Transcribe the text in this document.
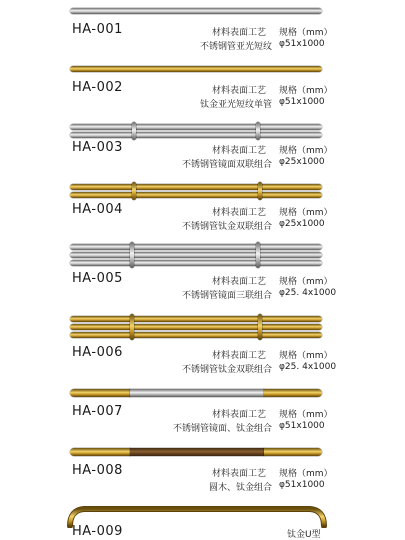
HA-001	材料表面工艺 规格（mm）
不锈钢管亚光短纹 φ51x1000
HA-002	材料表面工艺 规格（mm）
钛金亚光短纹单管 φ51x1000
HA-003	材料表面工艺 规格（mm）
不锈钢管镜面双联组合 φ25x1000
HA-004	材料表面工艺 规格（mm）
不锈钢管钛金双联组合 φ25x1000
HA-005	材料表面工艺 规格（mm）
不锈钢管镜面三联组合 φ25. 4x1000
HA-006	材料表面工艺 规格（mm）
不锈钢管钛金双联组合 φ25. 4x1000
HA-007	材料表面工艺 规格（mm）
不锈钢管镜面、钛金组合 φ51x1000
HA-008	材料表面工艺 规格（mm）
圆木、钛金组合 φ51x1000
HA-009	钛金U型
